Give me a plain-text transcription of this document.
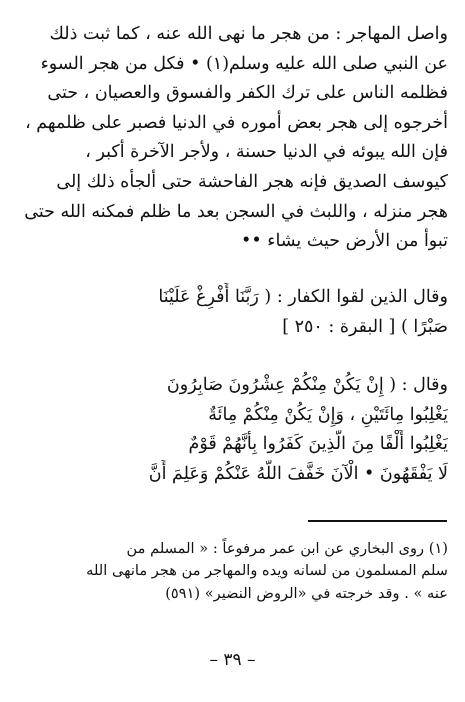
واصل المهاجر : من هجر ما نهى الله عنه ، كما ثبت ذلك
عن النبي صلى الله عليه وسلم(١) • فكل من هجر السوء
فظلمه الناس على ترك الكفر والفسوق والعصيان ، حتى
أخرجوه إلى هجر بعض أموره في الدنيا فصبر على ظلمهم ،
فإن الله يبوئه في الدنيا حسنة ، ولأجر الآخرة أكبر ،
كيوسف الصديق فإنه هجر الفاحشة حتى ألجأه ذلك إلى
هجر منزله ، واللبث في السجن بعد ما ظلم فمكنه الله حتى
تبوأ من الأرض حيث يشاء ••
وقال الذين لقوا الكفار : ( رَبَّنَا أَفْرِغْ عَلَيْنَا
صَبْرًا ) [ البقرة : ٢٥٠ ]
وقال : ( إِنْ يَكُنْ مِنْكُمْ عِشْرُونَ صَابِرُونَ
يَغْلِبُوا مِائَتَيْنِ ، وَإِنْ يَكُنْ مِنْكُمْ مِائَةٌ
يَغْلِبُوا أَلْفًا مِنَ الَّذِينَ كَفَرُوا بِأَنَّهُمْ قَوْمٌ
لَا يَفْقَهُونَ • الْآنَ خَفَّفَ اللَّهُ عَنْكُمْ وَعَلِمَ أَنَّ
(١) روى البخاري عن ابن عمر مرفوعاً : « المسلم من
سلم المسلمون من لسانه ويده والمهاجر من هجر مانهى الله
عنه » . وقد خرجته في «الروض النضير» (٥٩١)
– ٣٩ –
